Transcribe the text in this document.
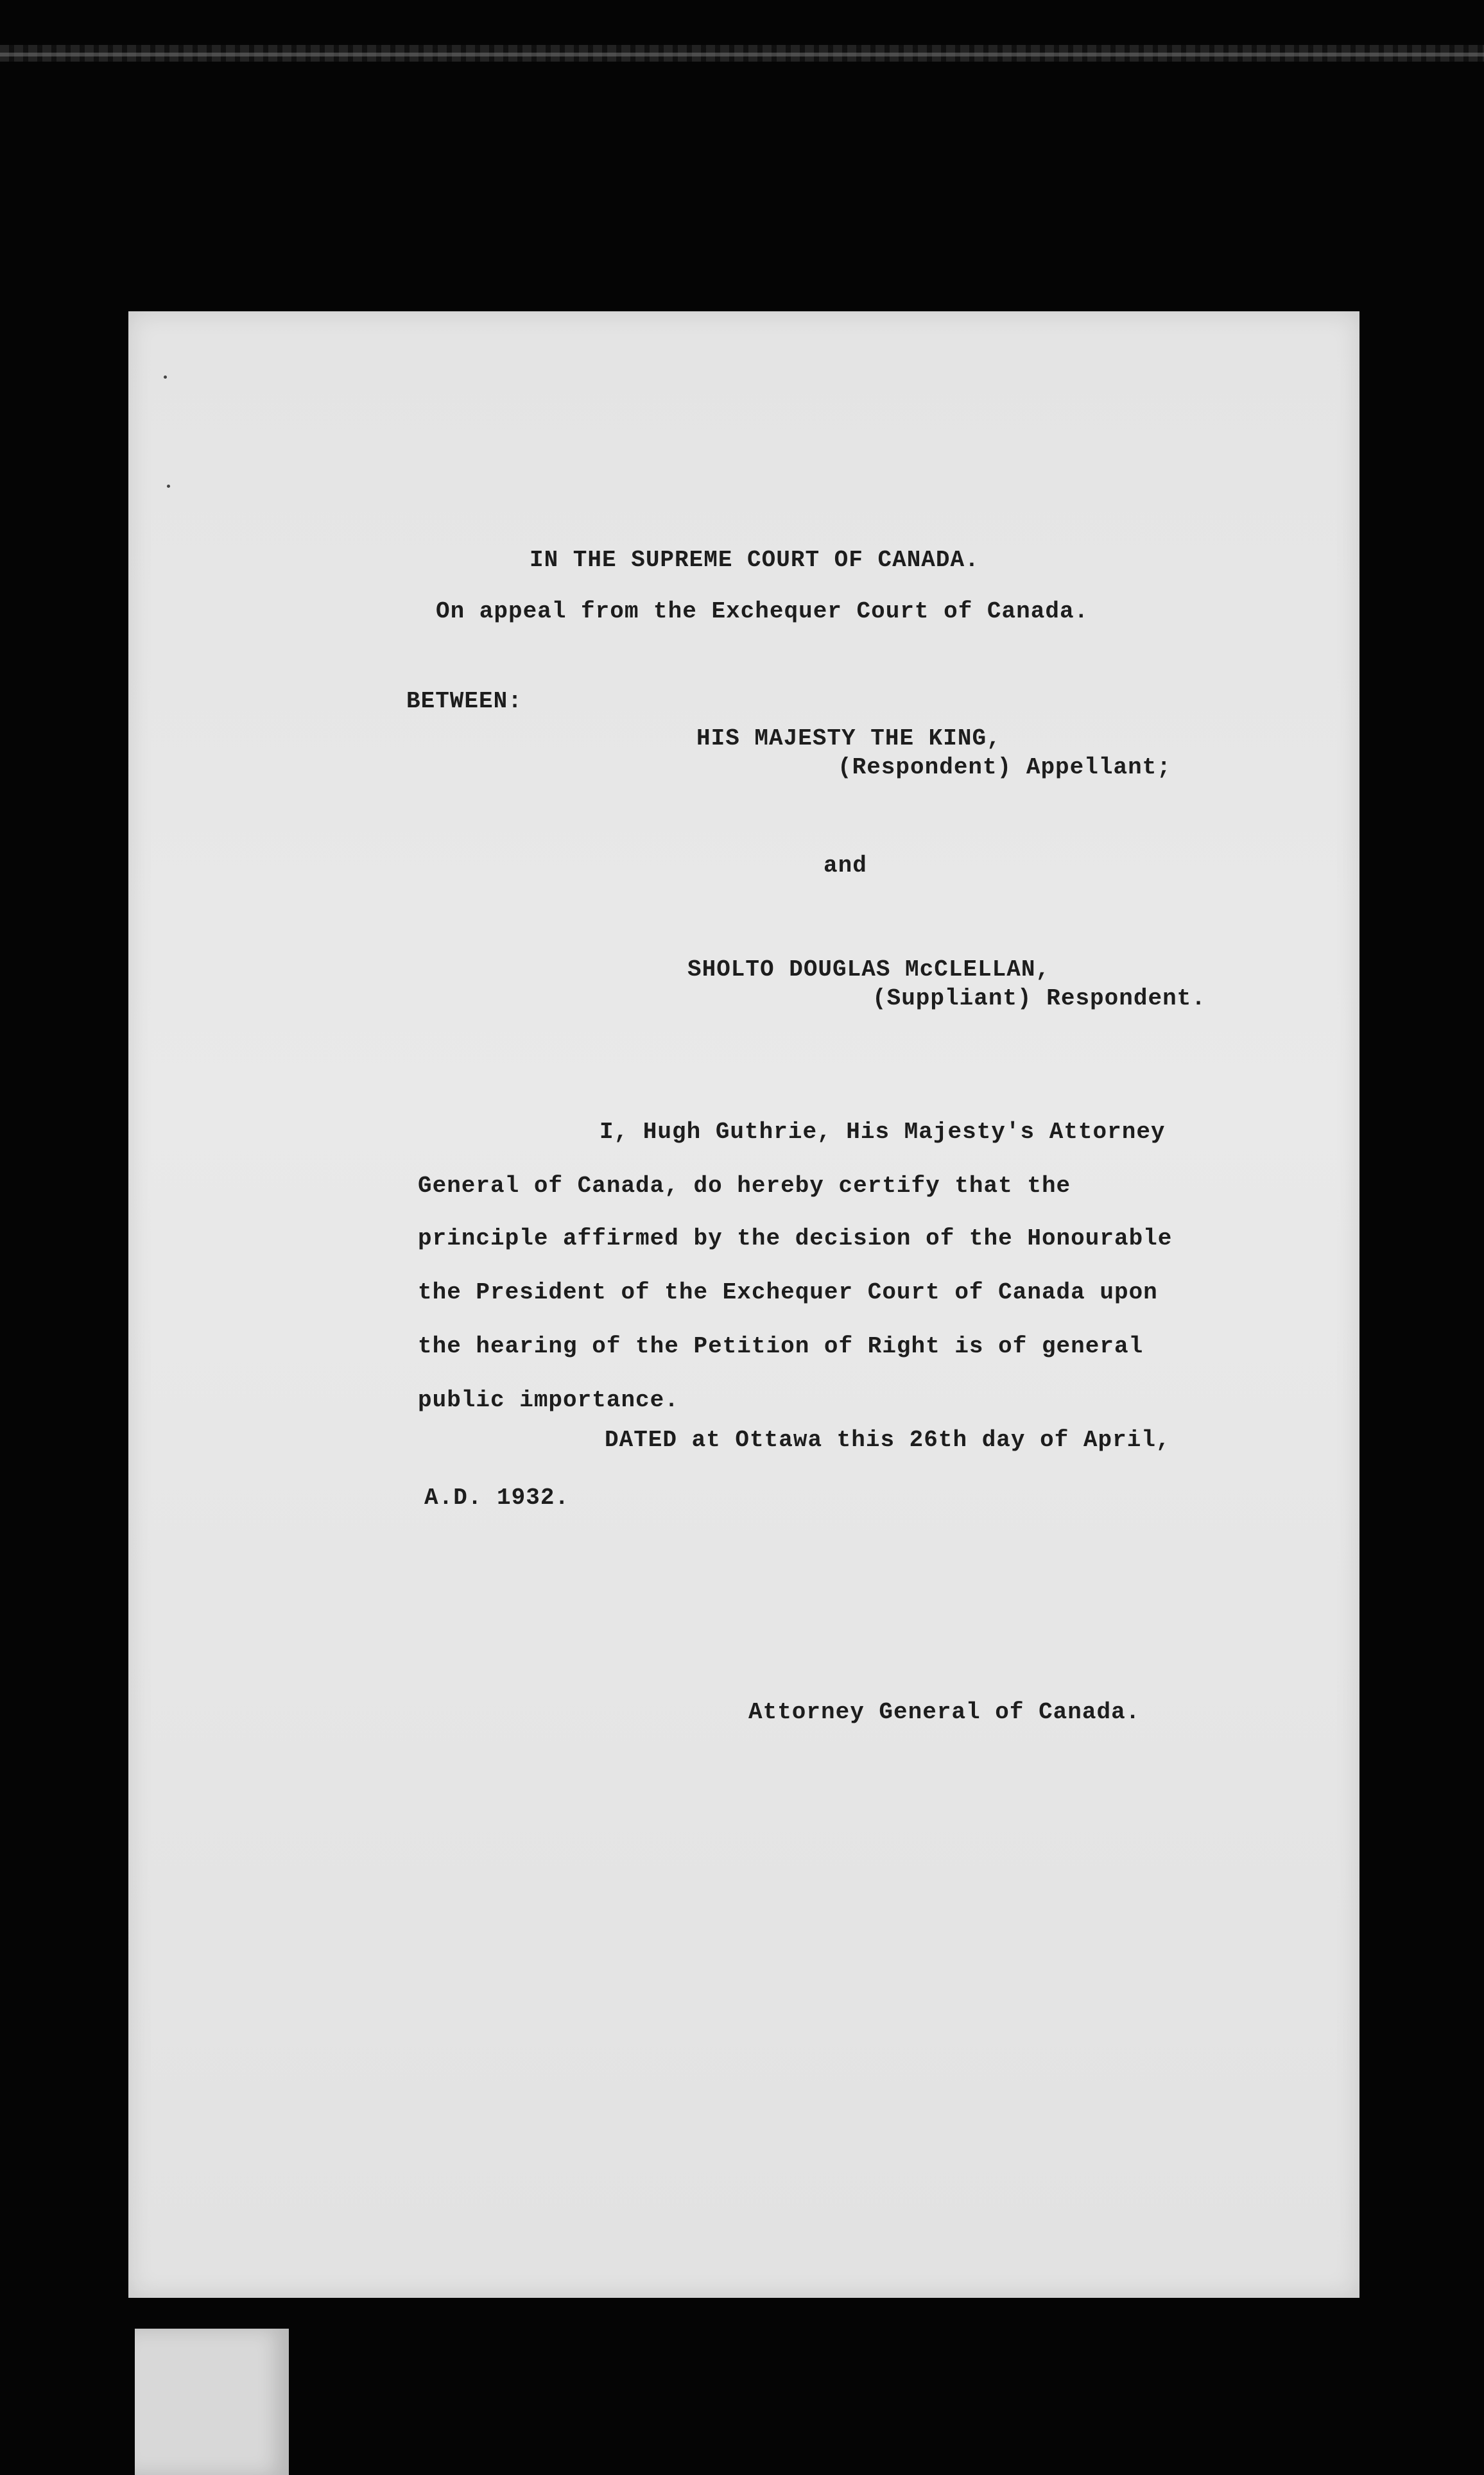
IN THE SUPREME COURT OF CANADA.
On appeal from the Exchequer Court of Canada.
BETWEEN:
HIS MAJESTY THE KING,
(Respondent) Appellant;
and
SHOLTO DOUGLAS McCLELLAN,
(Suppliant) Respondent.
I, Hugh Guthrie, His Majesty's Attorney
General of Canada, do hereby certify that the
principle affirmed by the decision of the Honourable
the President of the Exchequer Court of Canada upon
the hearing of the Petition of Right is of general
public importance.
DATED at Ottawa this 26th day of April,
A.D. 1932.
Attorney General of Canada.
